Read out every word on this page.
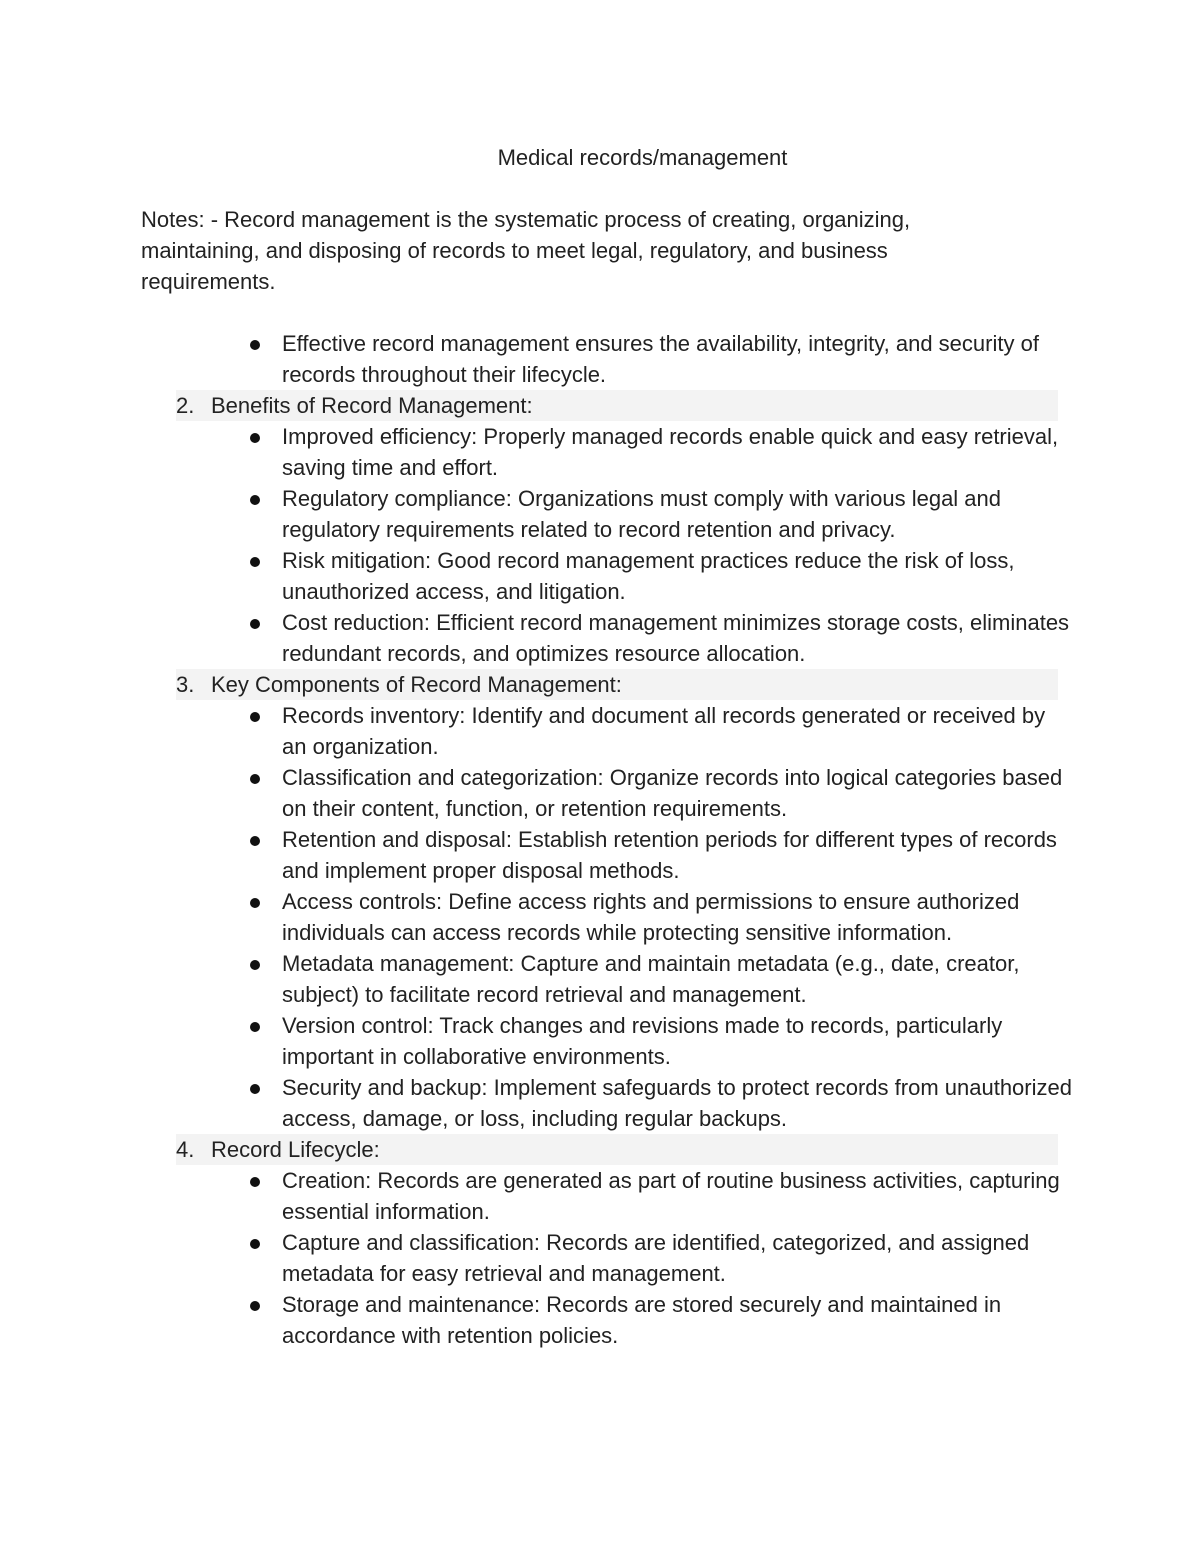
Medical records/management
Notes: - Record management is the systematic process of creating, organizing, maintaining, and disposing of records to meet legal, regulatory, and business requirements.
Effective record management ensures the availability, integrity, and security of records throughout their lifecycle.
2. Benefits of Record Management:
Improved efficiency: Properly managed records enable quick and easy retrieval, saving time and effort.
Regulatory compliance: Organizations must comply with various legal and regulatory requirements related to record retention and privacy.
Risk mitigation: Good record management practices reduce the risk of loss, unauthorized access, and litigation.
Cost reduction: Efficient record management minimizes storage costs, eliminates redundant records, and optimizes resource allocation.
3. Key Components of Record Management:
Records inventory: Identify and document all records generated or received by an organization.
Classification and categorization: Organize records into logical categories based on their content, function, or retention requirements.
Retention and disposal: Establish retention periods for different types of records and implement proper disposal methods.
Access controls: Define access rights and permissions to ensure authorized individuals can access records while protecting sensitive information.
Metadata management: Capture and maintain metadata (e.g., date, creator, subject) to facilitate record retrieval and management.
Version control: Track changes and revisions made to records, particularly important in collaborative environments.
Security and backup: Implement safeguards to protect records from unauthorized access, damage, or loss, including regular backups.
4. Record Lifecycle:
Creation: Records are generated as part of routine business activities, capturing essential information.
Capture and classification: Records are identified, categorized, and assigned metadata for easy retrieval and management.
Storage and maintenance: Records are stored securely and maintained in accordance with retention policies.
